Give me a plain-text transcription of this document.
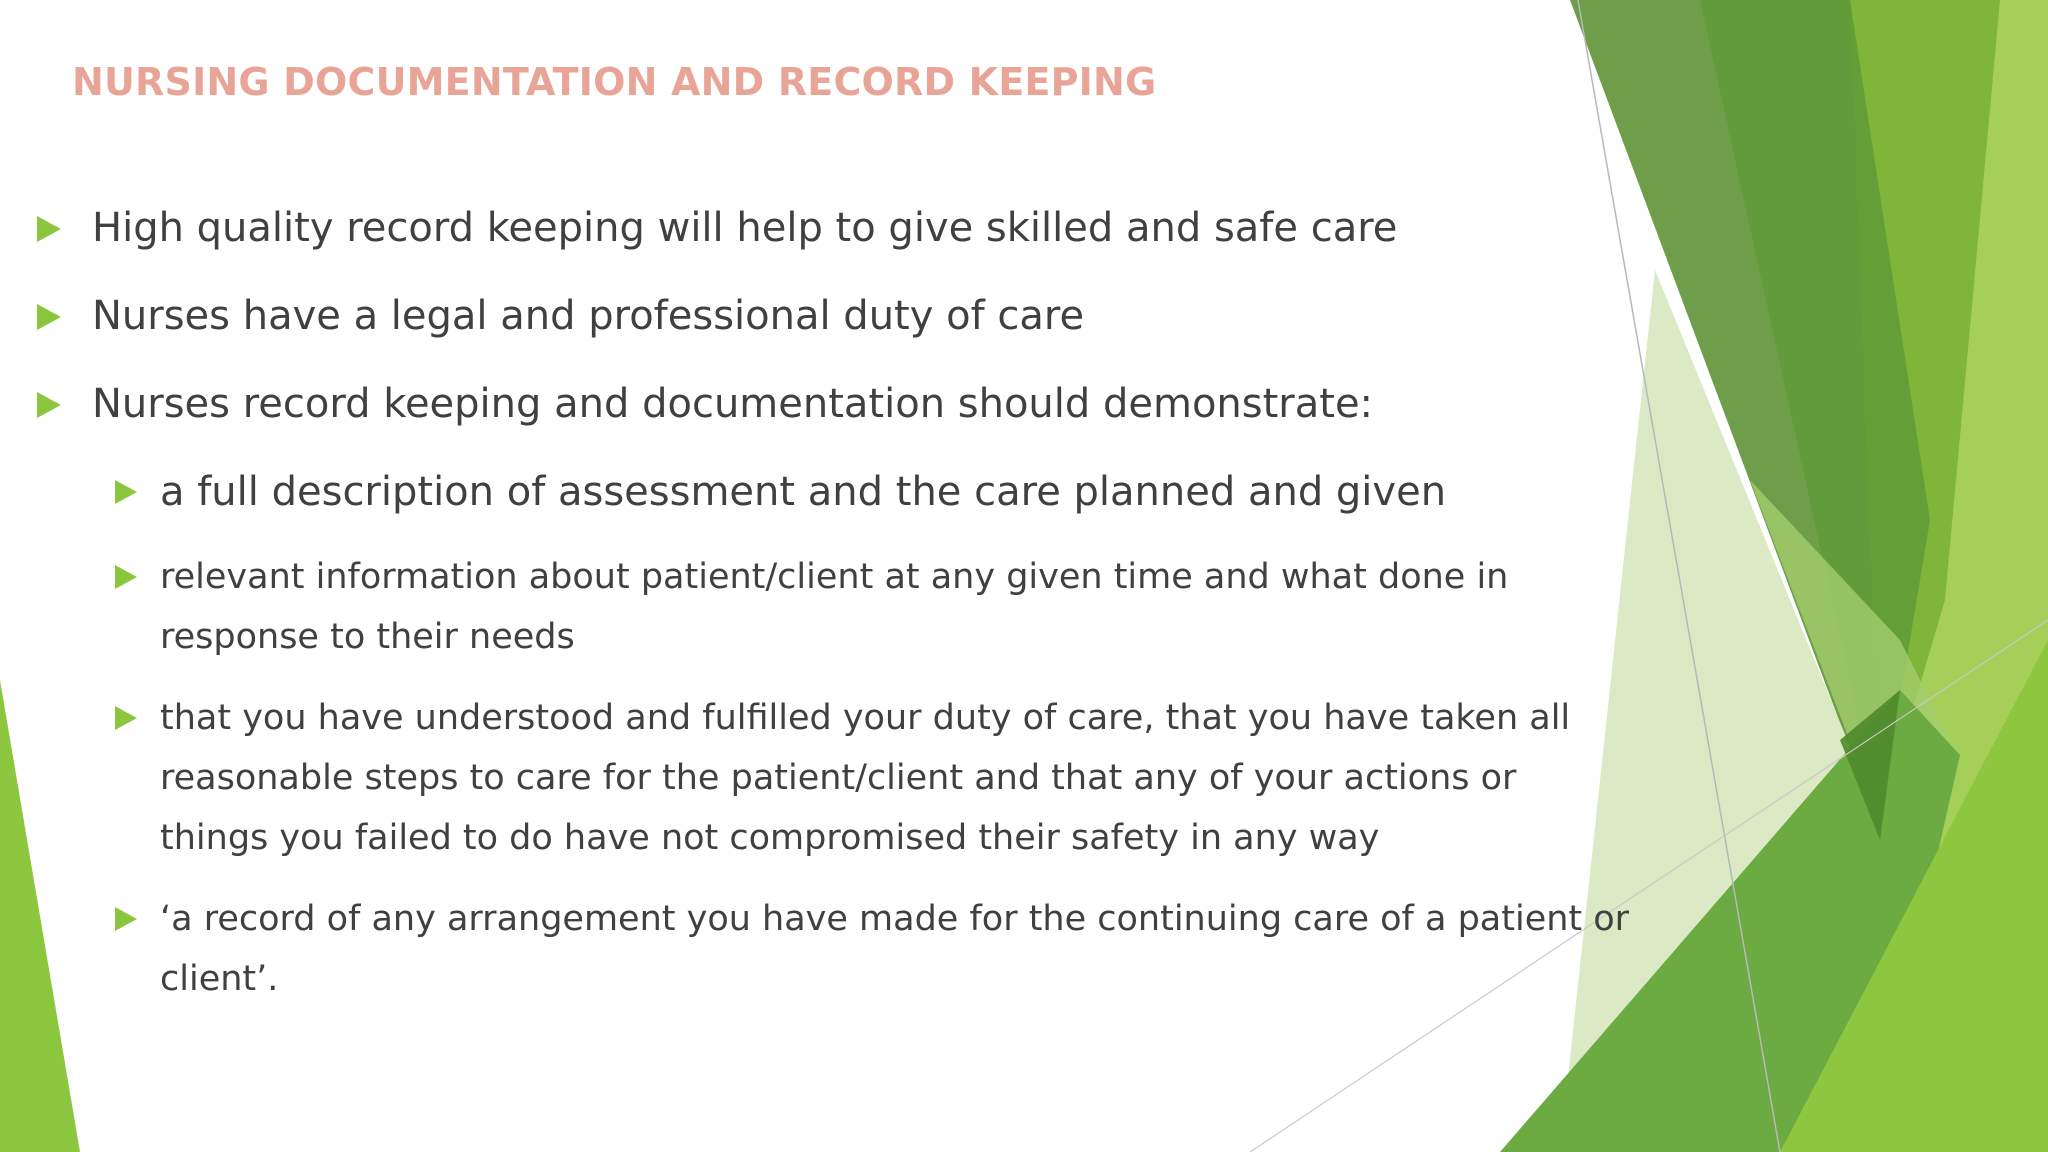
NURSING DOCUMENTATION AND RECORD KEEPING
High quality record keeping will help to give skilled and safe care
Nurses have a legal and professional duty of care
Nurses record keeping and documentation should demonstrate:
a full description of assessment and the care planned and given
relevant information about patient/client at any given time and what done in response to their needs
that you have understood and fulfilled your duty of care, that you have taken all reasonable steps to care for the patient/client and that any of your actions or things you failed to do have not compromised their safety in any way
‘a record of any arrangement you have made for the continuing care of a patient or client’.
